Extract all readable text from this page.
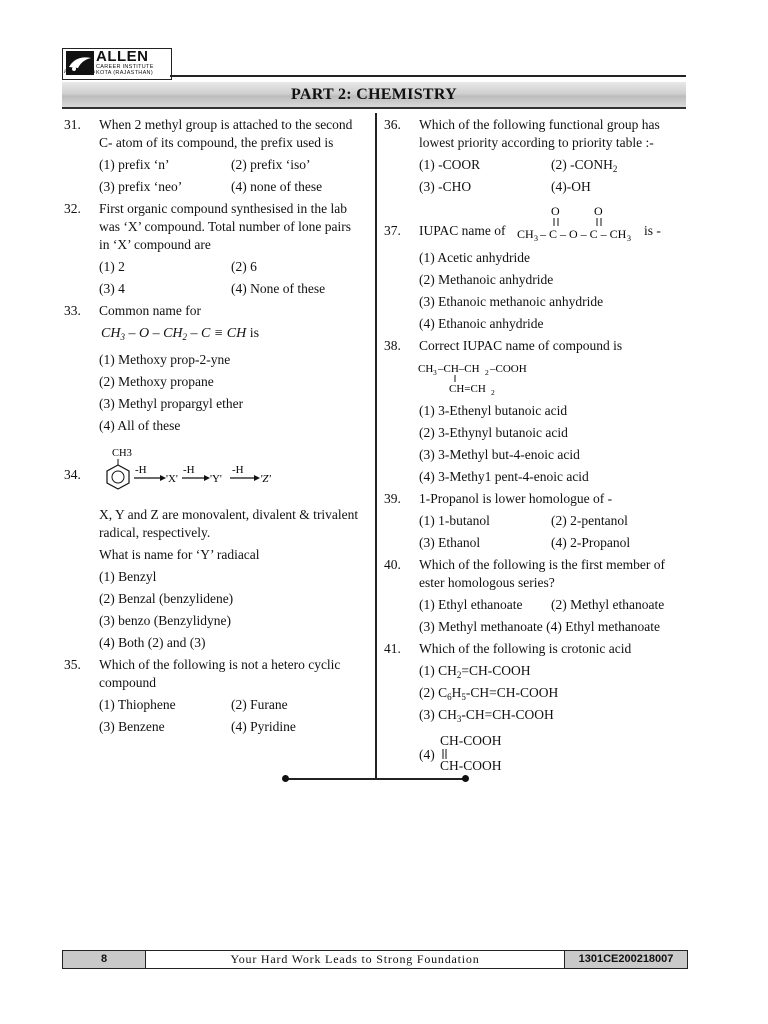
ALLEN
CAREER INSTITUTE
KOTA (RAJASTHAN)
Path to Success
PART 2: CHEMISTRY
31. When 2 methyl group is attached to the second
C- atom of its compound, the prefix used is
(1) prefix ‘n’	(2) prefix ‘iso’
(3) prefix ‘neo’	(4) none of these
32. First organic compound synthesised in the lab
was ‘X’ compound. Total number of lone pairs
in ‘X’ compound are
(1) 2	(2) 6
(3) 4	(4) None of these
33. Common name for
$CH_3$ – O – $CH_2$ – C ≡ CH is
(1) Methoxy prop-2-yne
(2) Methoxy propane
(3) Methyl propargyl ether
(4) All of these
34.
CH3
-H
'X'
-H
'Y'
-H
'Z'
X, Y and Z are monovalent, divalent & trivalent
radical, respectively.
What is name for ‘Y’ radiacal
(1) Benzyl
(2) Benzal (benzylidene)
(3) benzo (Benzylidyne)
(4) Both (2) and (3)
35. Which of the following is not a hetero cyclic
compound
(1) Thiophene	(2) Furane
(3) Benzene	(4) Pyridine
36. Which of the following functional group has
lowest priority according to priority table :-
(1) -COOR	(2) $-CONH_2$
(3) -CHO	(4)-OH
37. IUPAC name of
O	O
CH 3 – C – O – C – CH 3
is -
(1) Acetic anhydride
(2) Methanoic anhydride
(3) Ethanoic methanoic anhydride
(4) Ethanoic anhydride
38. Correct IUPAC name of compound is
CH 3 –CH–CH 2 –COOH
CH=CH 2
(1) 3-Ethenyl butanoic acid
(2) 3-Ethynyl butanoic acid
(3) 3-Methyl but-4-enoic acid
(4) 3-Methy1 pent-4-enoic acid
39. 1-Propanol is lower homologue of -
(1) 1-butanol	(2) 2-pentanol
(3) Ethanol	(4) 2-Propanol
40. Which of the following is the first member of
ester homologous series?
(1) Ethyl ethanoate (2) Methyl ethanoate
(3) Methyl methanoate (4) Ethyl methanoate
41. Which of the following is crotonic acid
(1) $CH_2=CH$-COOH
(2) $C_6H_5-CH=CH$-COOH
(3) $CH_3-CH=CH$-COOH
(4)
CH-COOH
CH-COOH
8	Your Hard Work Leads to Strong Foundation	1301CE200218007
